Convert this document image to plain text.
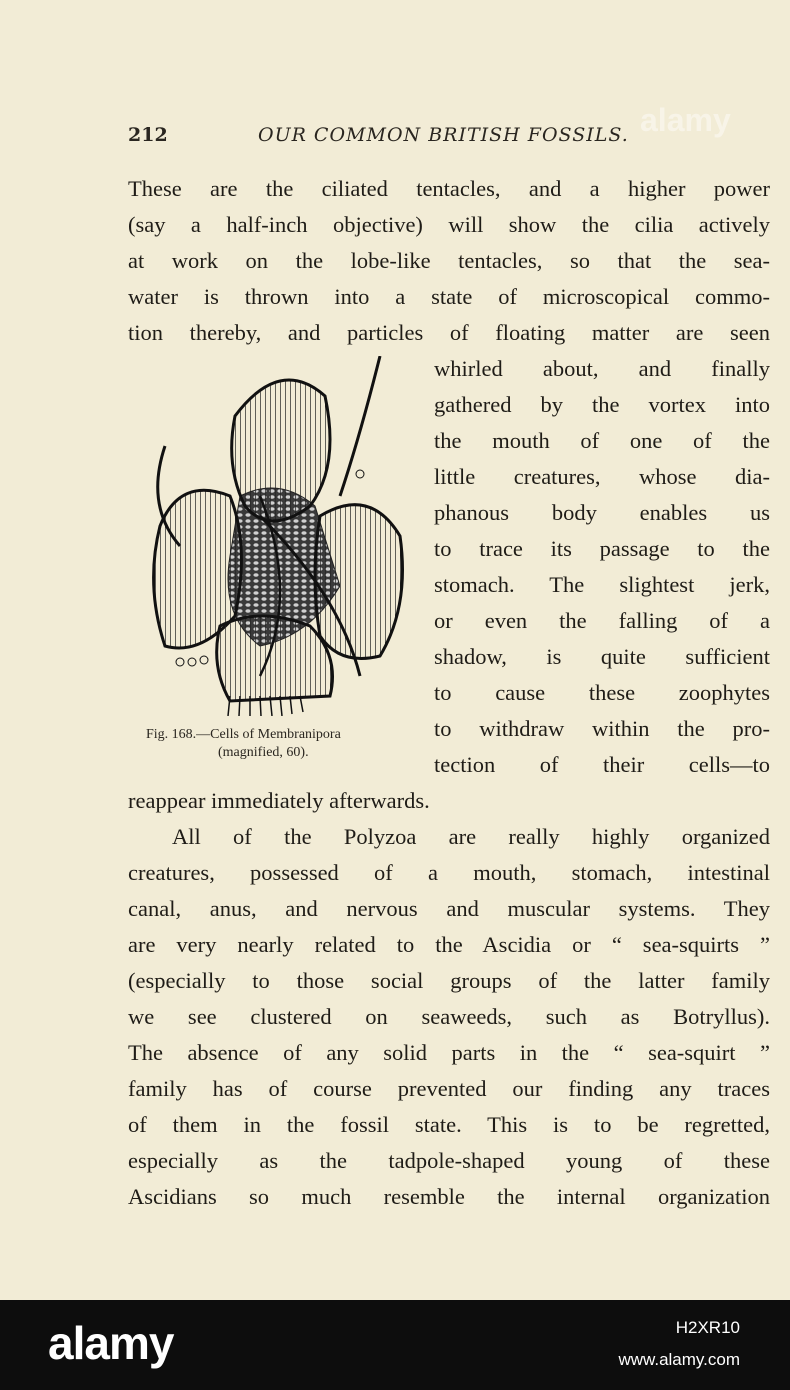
212	OUR COMMON BRITISH FOSSILS. alamy
These are the ciliated tentacles, and a higher power
(say a half-inch objective) will show the cilia actively
at work on the lobe-like tentacles, so that the sea-
water is thrown into a state of microscopical commo-
tion thereby, and particles of floating matter are seen
Fig. 168.—Cells of Membranipora
(magnified, 60).
whirled about, and finally
gathered by the vortex into
the mouth of one of the
little creatures, whose dia-
phanous body enables us
to trace its passage to the
stomach. The slightest jerk,
or even the falling of a
shadow, is quite sufficient
to cause these zoophytes
to withdraw within the pro-
tection of their cells—to
reappear immediately afterwards.
All of the Polyzoa are really highly organized
creatures, possessed of a mouth, stomach, intestinal
canal, anus, and nervous and muscular systems. They
are very nearly related to the Ascidia or “ sea-squirts ”
(especially to those social groups of the latter family
we see clustered on seaweeds, such as Botryllus).
The absence of any solid parts in the “ sea-squirt ”
family has of course prevented our finding any traces
of them in the fossil state. This is to be regretted,
especially as the tadpole-shaped young of these
Ascidians so much resemble the internal organization
alamy	H2XR10
www.alamy.com
